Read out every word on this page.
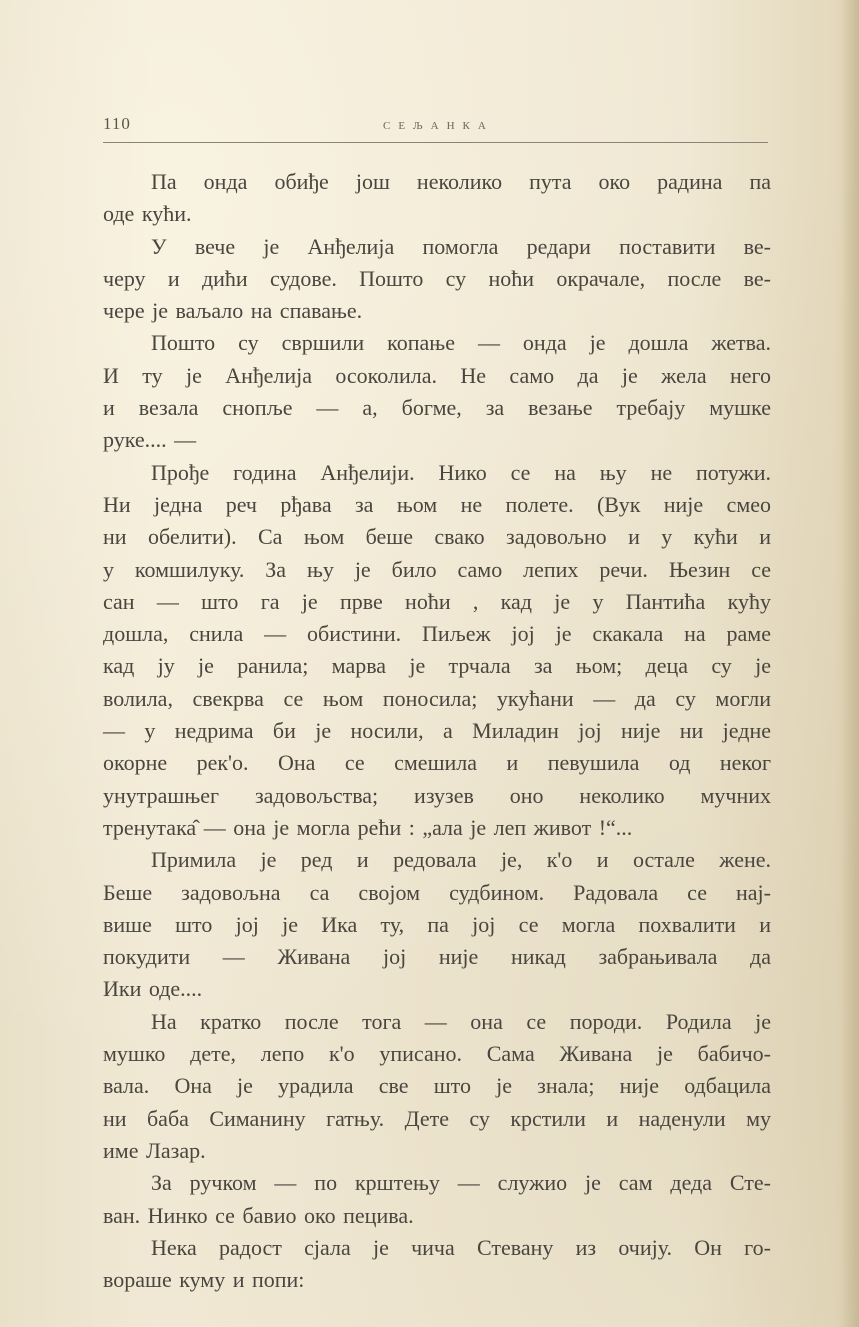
110	СЕЉАНКА
Па онда обиђе још неколико пута око радина па
оде кући.
У вече је Анђелија помогла редари поставити ве-
черу и дићи судове. Пошто су ноћи окрачале, после ве-
чере је ваљало на спавање.
Пошто су свршили копање — онда је дошла жетва.
И ту је Анђелија осоколила. Не само да је жела него
и везала снопље — а, богме, за везање требају мушке
руке.... —
Прође година Анђелији. Нико се на њу не потужи.
Ни једна реч рђава за њом не полете. (Вук није смео
ни обелити). Са њом беше свако задовољно и у кући и
у комшилуку. За њу је било само лепих речи. Њезин се
сан — што га је прве ноћи , кад је у Пантића кућу
дошла, снила — обистини. Пиљеж јој је скакала на раме
кад ју је ранила; марва је трчала за њом; деца су је
волила, свекрва се њом поносила; укућани — да су могли
— у недрима би је носили, а Миладин јој није ни једне
окорне рек'о. Она се смешила и певушила од неког
унутрашњег задовољства; изузев оно неколико мучних
тренутака̂ — она је могла рећи : „ала је леп живот !“...
Примила је ред и редовала је, к'о и остале жене.
Беше задовољна са својом судбином. Радовала се нај-
више што јој је Ика ту, па јој се могла похвалити и
покудити — Живана јој није никад забрањивала да
Ики оде....
На кратко после тога — она се породи. Родила је
мушко дете, лепо к'о уписано. Сама Живана је бабичо-
вала. Она је урадила све што је знала; није одбацила
ни баба Симанину гатњу. Дете су крстили и наденули му
име Лазар.
За ручком — по крштењу — служио је сам деда Сте-
ван. Нинко се бавио око пецива.
Нека радост сјала је чича Стевану из очију. Он го-
вораше куму и попи:
